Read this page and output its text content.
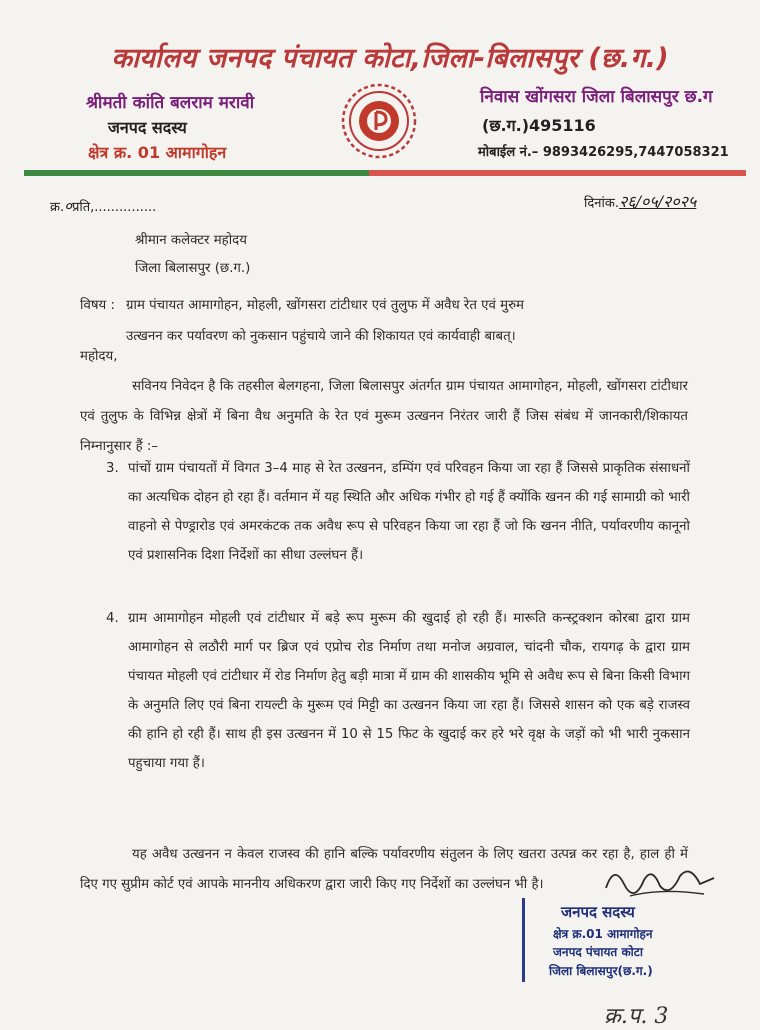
कार्यालय जनपद पंचायत कोटा,जिला-बिलासपुर (छ.ग.)
श्रीमती कांति बलराम मरावी
जनपद सदस्य
क्षेत्र क्र. 01 आमागोहन
निवास खोंगसरा जिला बिलासपुर छ.ग
(छ.ग.)495116
मोबाईल नं.– 9893426295,7447058321
क्र.०प्रति,...............	दिनांक.२६/०५/२०२५
श्रीमान कलेक्टर महोदय
जिला बिलासपुर (छ.ग.)
विषय : ग्राम पंचायत आमागोहन, मोहली, खोंगसरा टांटीधार एवं तुलुफ में अवैध रेत एवं मुरुम
उत्खनन कर पर्यावरण को नुकसान पहुंचाये जाने की शिकायत एवं कार्यवाही बाबत्।
महोदय,
सविनय निवेदन है कि तहसील बेलगहना, जिला बिलासपुर अंतर्गत ग्राम पंचायत आमागोहन, मोहली, खोंगसरा टांटीधार एवं तुलुफ के विभिन्न क्षेत्रों में बिना वैध अनुमति के रेत एवं मुरूम उत्खनन निरंतर जारी हैं जिस संबंध में जानकारी/शिकायत निम्नानुसार हैं :–
3. पांचों ग्राम पंचायतों में विगत 3–4 माह से रेत उत्खनन, डम्पिंग एवं परिवहन किया जा रहा हैं जिससे प्राकृतिक संसाधनों का अत्यधिक दोहन हो रहा हैं। वर्तमान में यह स्थिति और अधिक गंभीर हो गई हैं क्योंकि खनन की गई सामाग्री को भारी वाहनो से पेण्ड्रारोड एवं अमरकंटक तक अवैध रूप से परिवहन किया जा रहा हैं जो कि खनन नीति, पर्यावरणीय कानूनो एवं प्रशासनिक दिशा निर्देशों का सीधा उल्लंघन हैं।
4. ग्राम आमागोहन मोहली एवं टांटीधार में बड़े रूप मुरूम की खुदाई हो रही हैं। मारूति कन्स्ट्रक्शन कोरबा द्वारा ग्राम आमागोहन से लठौरी मार्ग पर ब्रिज एवं एप्रोच रोड निर्माण तथा मनोज अग्रवाल, चांदनी चौक, रायगढ़ के द्वारा ग्राम पंचायत मोहली एवं टांटीधार में रोड निर्माण हेतु बड़ी मात्रा में ग्राम की शासकीय भूमि से अवैध रूप से बिना किसी विभाग के अनुमति लिए एवं बिना रायल्टी के मुरूम एवं मिट्टी का उत्खनन किया जा रहा हैं। जिससे शासन को एक बड़े राजस्व की हानि हो रही हैं। साथ ही इस उत्खनन में 10 से 15 फिट के खुदाई कर हरे भरे वृक्ष के जड़ों को भी भारी नुकसान पहुचाया गया हैं।
यह अवैध उत्खनन न केवल राजस्व की हानि बल्कि पर्यावरणीय संतुलन के लिए खतरा उत्पन्न कर रहा है, हाल ही में दिए गए सुप्रीम कोर्ट एवं आपके माननीय अधिकरण द्वारा जारी किए गए निर्देशों का उल्लंघन भी है।
जनपद सदस्य
क्षेत्र क्र.01 आमागोहन
जनपद पंचायत कोटा
जिला बिलासपुर(छ.ग.)
क्र.प. 3
